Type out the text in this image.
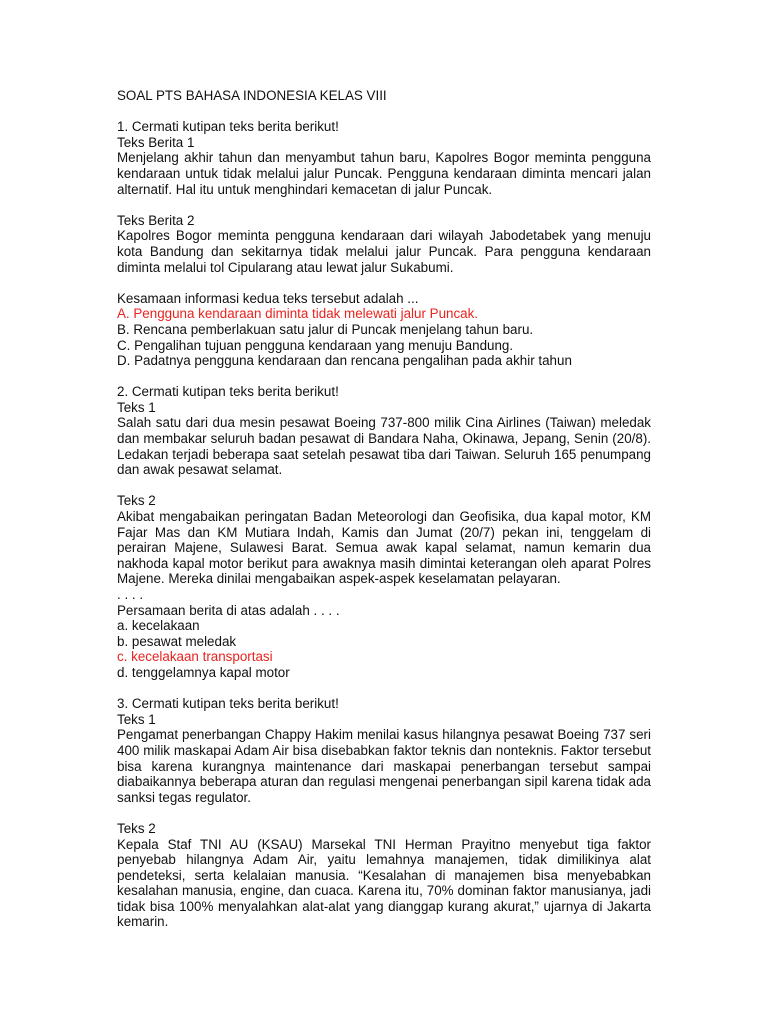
SOAL PTS BAHASA INDONESIA KELAS VIII
1. Cermati kutipan teks berita berikut!
Teks Berita 1
Menjelang akhir tahun dan menyambut tahun baru, Kapolres Bogor meminta pengguna kendaraan untuk tidak melalui jalur Puncak. Pengguna kendaraan diminta mencari jalan alternatif. Hal itu untuk menghindari kemacetan di jalur Puncak.
Teks Berita 2
Kapolres Bogor meminta pengguna kendaraan dari wilayah Jabodetabek yang menuju kota Bandung dan sekitarnya tidak melalui jalur Puncak. Para pengguna kendaraan diminta melalui tol Cipularang atau lewat jalur Sukabumi.
Kesamaan informasi kedua teks tersebut adalah ...
A. Pengguna kendaraan diminta tidak melewati jalur Puncak.
B. Rencana pemberlakuan satu jalur di Puncak menjelang tahun baru.
C. Pengalihan tujuan pengguna kendaraan yang menuju Bandung.
D. Padatnya pengguna kendaraan dan rencana pengalihan pada akhir tahun
2. Cermati kutipan teks berita berikut!
Teks 1
Salah satu dari dua mesin pesawat Boeing 737-800 milik Cina Airlines (Taiwan) meledak dan membakar seluruh badan pesawat di Bandara Naha, Okinawa, Jepang, Senin (20/8). Ledakan terjadi beberapa saat setelah pesawat tiba dari Taiwan. Seluruh 165 penumpang dan awak pesawat selamat.
Teks 2
Akibat mengabaikan peringatan Badan Meteorologi dan Geofisika, dua kapal motor, KM Fajar Mas dan KM Mutiara Indah, Kamis dan Jumat (20/7) pekan ini, tenggelam di perairan Majene, Sulawesi Barat. Semua awak kapal selamat, namun kemarin dua nakhoda kapal motor berikut para awaknya masih dimintai keterangan oleh aparat Polres Majene. Mereka dinilai mengabaikan aspek-aspek keselamatan pelayaran.
. . . .
Persamaan berita di atas adalah . . . .
a. kecelakaan
b. pesawat meledak
c. kecelakaan transportasi
d. tenggelamnya kapal motor
3. Cermati kutipan teks berita berikut!
Teks 1
Pengamat penerbangan Chappy Hakim menilai kasus hilangnya pesawat Boeing 737 seri 400 milik maskapai Adam Air bisa disebabkan faktor teknis dan nonteknis. Faktor tersebut bisa karena kurangnya maintenance dari maskapai penerbangan tersebut sampai diabaikannya beberapa aturan dan regulasi mengenai penerbangan sipil karena tidak ada sanksi tegas regulator.
Teks 2
Kepala Staf TNI AU (KSAU) Marsekal TNI Herman Prayitno menyebut tiga faktor penyebab hilangnya Adam Air, yaitu lemahnya manajemen, tidak dimilikinya alat pendeteksi, serta kelalaian manusia. “Kesalahan di manajemen bisa menyebabkan kesalahan manusia, engine, dan cuaca. Karena itu, 70% dominan faktor manusianya, jadi tidak bisa 100% menyalahkan alat-alat yang dianggap kurang akurat,” ujarnya di Jakarta kemarin.
